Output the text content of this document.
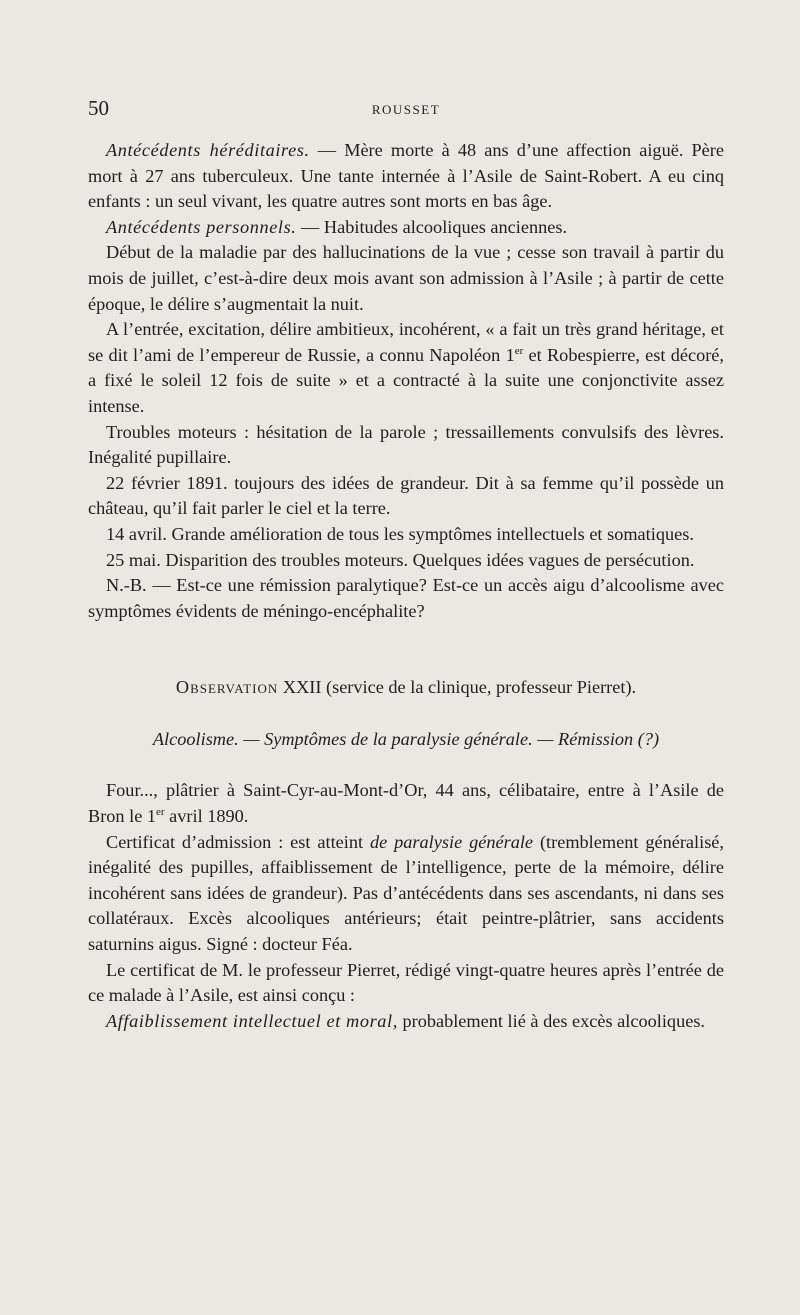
50	ROUSSET

Antécédents héréditaires. — Mère morte à 48 ans d’une affection aiguë. Père mort à 27 ans tuberculeux. Une tante internée à l’Asile de Saint-Robert. A eu cinq enfants : un seul vivant, les quatre autres sont morts en bas âge.

Antécédents personnels. — Habitudes alcooliques anciennes.

Début de la maladie par des hallucinations de la vue ; cesse son travail à partir du mois de juillet, c’est-à-dire deux mois avant son admission à l’Asile ; à partir de cette époque, le délire s’augmentait la nuit.

A l’entrée, excitation, délire ambitieux, incohérent, « a fait un très grand héritage, et se dit l’ami de l’empereur de Russie, a connu Napoléon 1er et Robespierre, est décoré, a fixé le soleil 12 fois de suite » et a contracté à la suite une conjonctivite assez intense.

Troubles moteurs : hésitation de la parole ; tressaillements convulsifs des lèvres. Inégalité pupillaire.

22 février 1891. toujours des idées de grandeur. Dit à sa femme qu’il possède un château, qu’il fait parler le ciel et la terre.

14 avril. Grande amélioration de tous les symptômes intellectuels et somatiques.

25 mai. Disparition des troubles moteurs. Quelques idées vagues de persécution.

N.-B. — Est-ce une rémission paralytique? Est-ce un accès aigu d’alcoolisme avec symptômes évidents de méningo-encéphalite?

Observation XXII (service de la clinique, professeur Pierret).

Alcoolisme. — Symptômes de la paralysie générale. — Rémission (?)

Four..., plâtrier à Saint-Cyr-au-Mont-d’Or, 44 ans, célibataire, entre à l’Asile de Bron le 1er avril 1890.

Certificat d’admission : est atteint de paralysie générale (tremblement généralisé, inégalité des pupilles, affaiblissement de l’intelligence, perte de la mémoire, délire incohérent sans idées de grandeur). Pas d’antécédents dans ses ascendants, ni dans ses collatéraux. Excès alcooliques antérieurs; était peintre-plâtrier, sans accidents saturnins aigus. Signé : docteur Féa.

Le certificat de M. le professeur Pierret, rédigé vingt-quatre heures après l’entrée de ce malade à l’Asile, est ainsi conçu :

Affaiblissement intellectuel et moral, probablement lié à des excès alcooliques.
